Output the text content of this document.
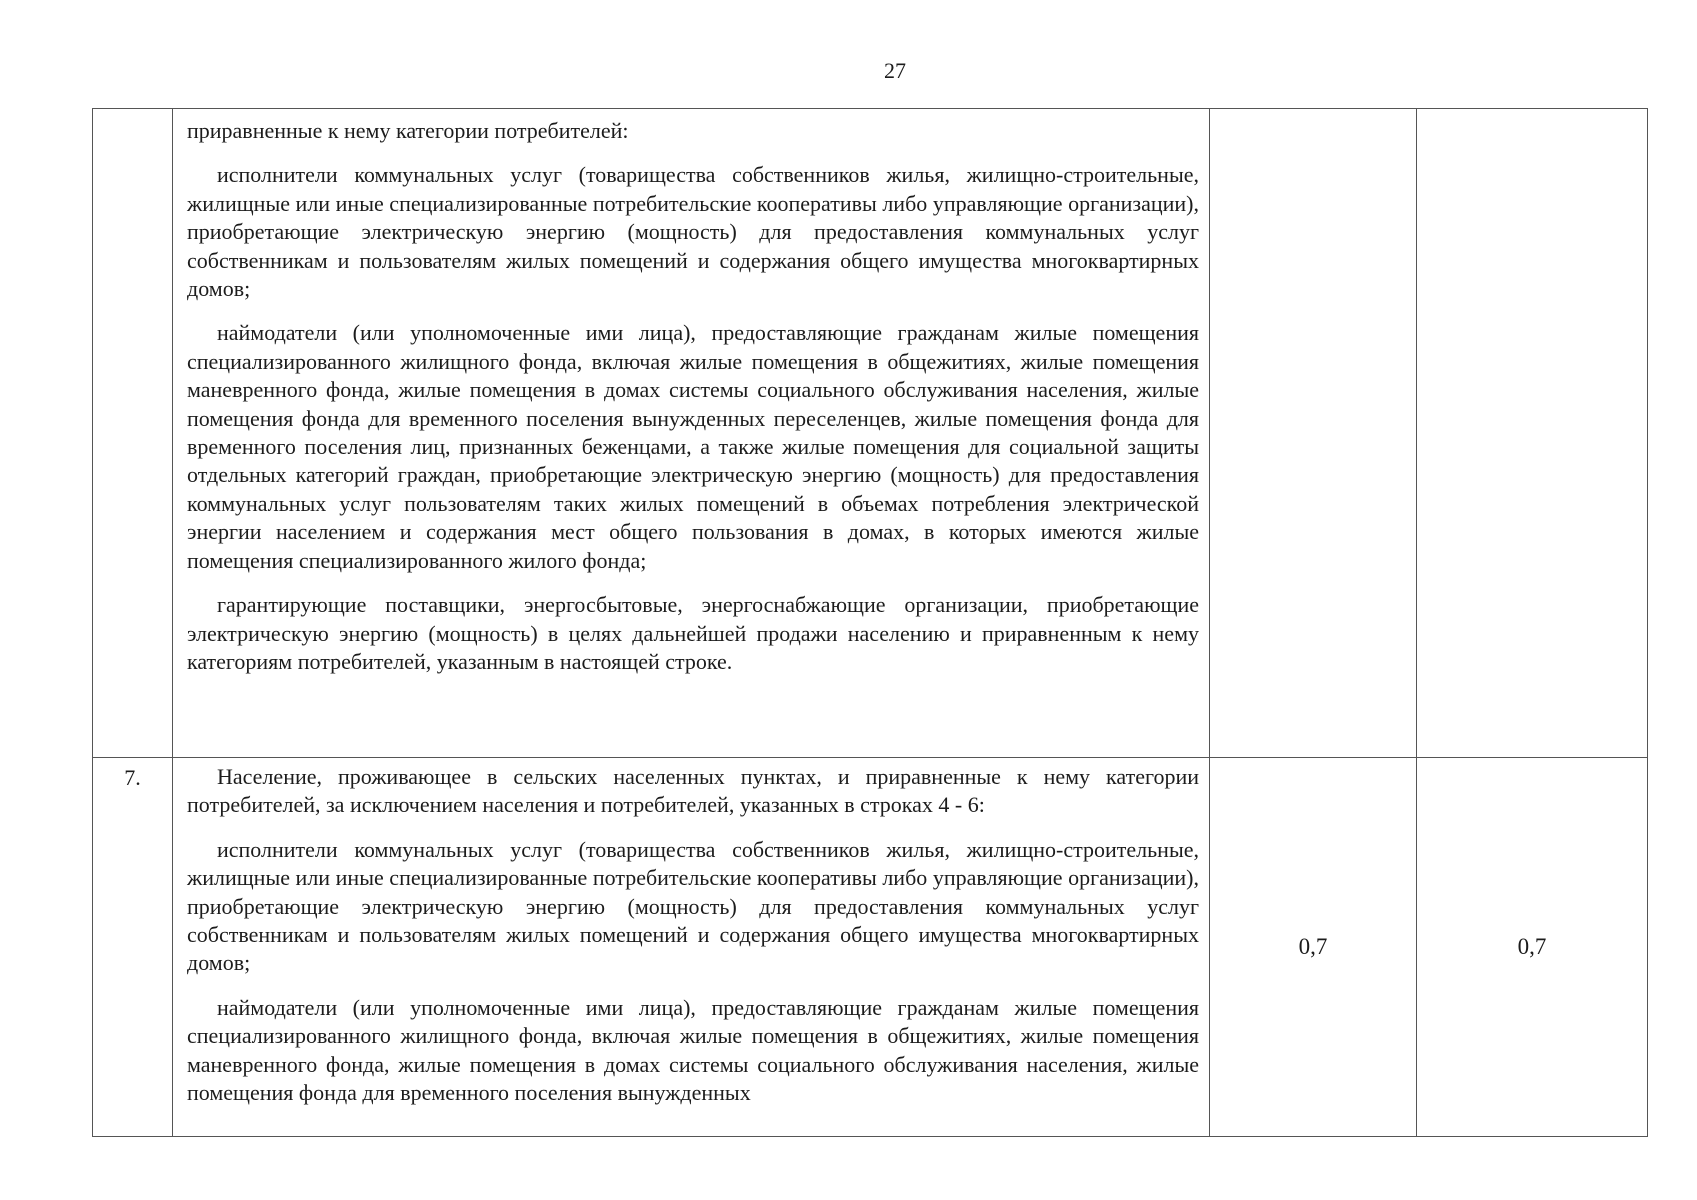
27

	приравненные к нему категории потребителей:

исполнители коммунальных услуг (товарищества собственников жилья, жилищно-строительные, жилищные или иные специализированные потребительские кооперативы либо управляющие организации), приобретающие электрическую энергию (мощность) для предоставления коммунальных услуг собственникам и пользователям жилых помещений и содержания общего имущества многоквартирных домов;

наймодатели (или уполномоченные ими лица), предоставляющие гражданам жилые помещения специализированного жилищного фонда, включая жилые помещения в общежитиях, жилые помещения маневренного фонда, жилые помещения в домах системы социального обслуживания населения, жилые помещения фонда для временного поселения вынужденных переселенцев, жилые помещения фонда для временного поселения лиц, признанных беженцами, а также жилые помещения для социальной защиты отдельных категорий граждан, приобретающие электрическую энергию (мощность) для предоставления коммунальных услуг пользователям таких жилых помещений в объемах потребления электрической энергии населением и содержания мест общего пользования в домах, в которых имеются жилые помещения специализированного жилого фонда;

гарантирующие поставщики, энергосбытовые, энергоснабжающие организации, приобретающие электрическую энергию (мощность) в целях дальнейшей продажи населению и приравненным к нему категориям потребителей, указанным в настоящей строке.		

7.	Население, проживающее в сельских населенных пунктах, и приравненные к нему категории потребителей, за исключением населения и потребителей, указанных в строках 4 - 6:

исполнители коммунальных услуг (товарищества собственников жилья, жилищно-строительные, жилищные или иные специализированные потребительские кооперативы либо управляющие организации), приобретающие электрическую энергию (мощность) для предоставления коммунальных услуг собственникам и пользователям жилых помещений и содержания общего имущества многоквартирных домов;

наймодатели (или уполномоченные ими лица), предоставляющие гражданам жилые помещения специализированного жилищного фонда, включая жилые помещения в общежитиях, жилые помещения маневренного фонда, жилые помещения в домах системы социального обслуживания населения, жилые помещения фонда для временного поселения вынужденных	0,7	0,7
